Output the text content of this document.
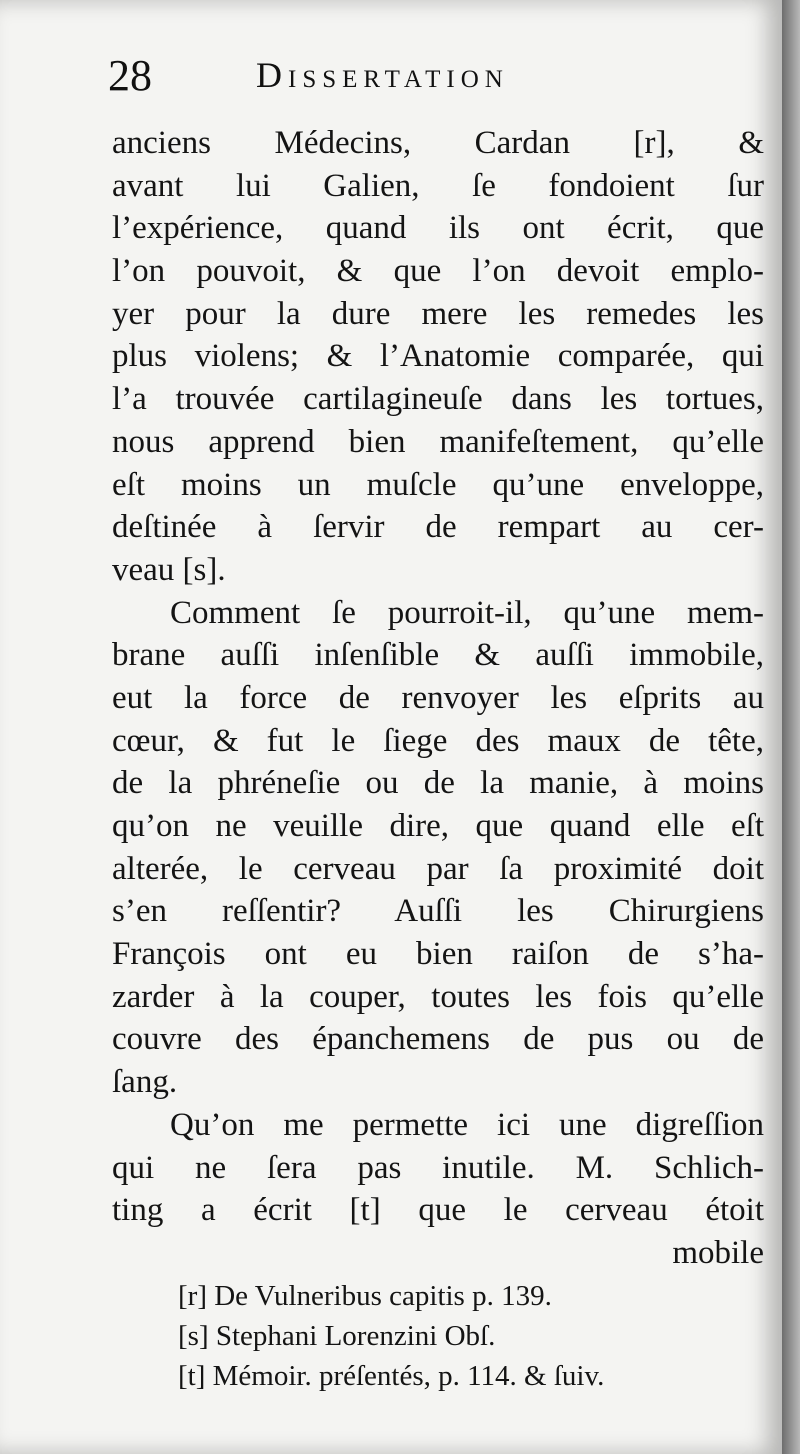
28	Dissertation
anciens Médecins, Cardan [r], &
avant lui Galien, ſe fondoient ſur
l’expérience, quand ils ont écrit, que
l’on pouvoit, & que l’on devoit emplo-
yer pour la dure mere les remedes les
plus violens; & l’Anatomie comparée, qui
l’a trouvée cartilagineuſe dans les tortues,
nous apprend bien manifeſtement, qu’elle
eſt moins un muſcle qu’une enveloppe,
deſtinée à ſervir de rempart au cer-
veau [s].
Comment ſe pourroit-il, qu’une mem-
brane auſſi inſenſible & auſſi immobile,
eut la force de renvoyer les eſprits au
cœur, & fut le ſiege des maux de tête,
de la phréneſie ou de la manie, à moins
qu’on ne veuille dire, que quand elle eſt
alterée, le cerveau par ſa proximité doit
s’en reſſentir? Auſſi les Chirurgiens
François ont eu bien raiſon de s’ha-
zarder à la couper, toutes les fois qu’elle
couvre des épanchemens de pus ou de
ſang.
Qu’on me permette ici une digreſſion
qui ne ſera pas inutile. M. Schlich-
ting a écrit [t] que le cerveau étoit
mobile
[r] De Vulneribus capitis p. 139.
[s] Stephani Lorenzini Obſ.
[t] Mémoir. préſentés, p. 114. & ſuiv.
